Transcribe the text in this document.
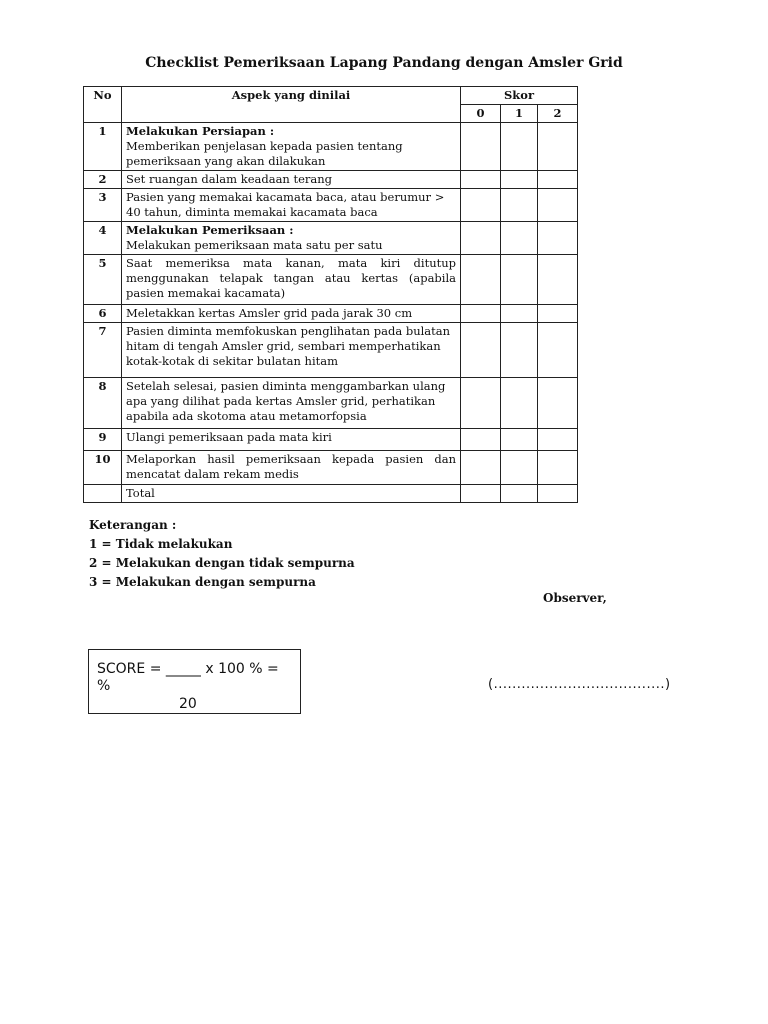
Checklist Pemeriksaan Lapang Pandang dengan Amsler Grid
No	Aspek yang dinilai	Skor		
		0	1	2
1	Melakukan Persiapan :
Memberikan penjelasan kepada pasien tentang pemeriksaan yang akan dilakukan			

2	Set ruangan dalam keadaan terang			
3	Pasien yang memakai kacamata baca, atau berumur > 40 tahun, diminta memakai kacamata baca			
4	Melakukan Pemeriksaan :
Melakukan pemeriksaan mata satu per satu			

5	Saat memeriksa mata kanan, mata kiri ditutup menggunakan telapak tangan atau kertas (apabila pasien memakai kacamata)			
6	Meletakkan kertas Amsler grid pada jarak 30 cm			
7	Pasien diminta memfokuskan penglihatan pada bulatan hitam di tengah Amsler grid, sembari memperhatikan kotak-kotak di sekitar bulatan hitam			
8	Setelah selesai, pasien diminta menggambarkan ulang apa yang dilihat pada kertas Amsler grid, perhatikan apabila ada skotoma atau metamorfopsia			
9	Ulangi pemeriksaan pada mata kiri			
10	Melaporkan hasil pemeriksaan kepada pasien dan mencatat dalam rekam medis			
	Total			
Keterangan :
1 = Tidak melakukan
2 = Melakukan dengan tidak sempurna
3 = Melakukan dengan sempurna
Observer,
SCORE = _____ x 100 % = %
20
(.....................................)
